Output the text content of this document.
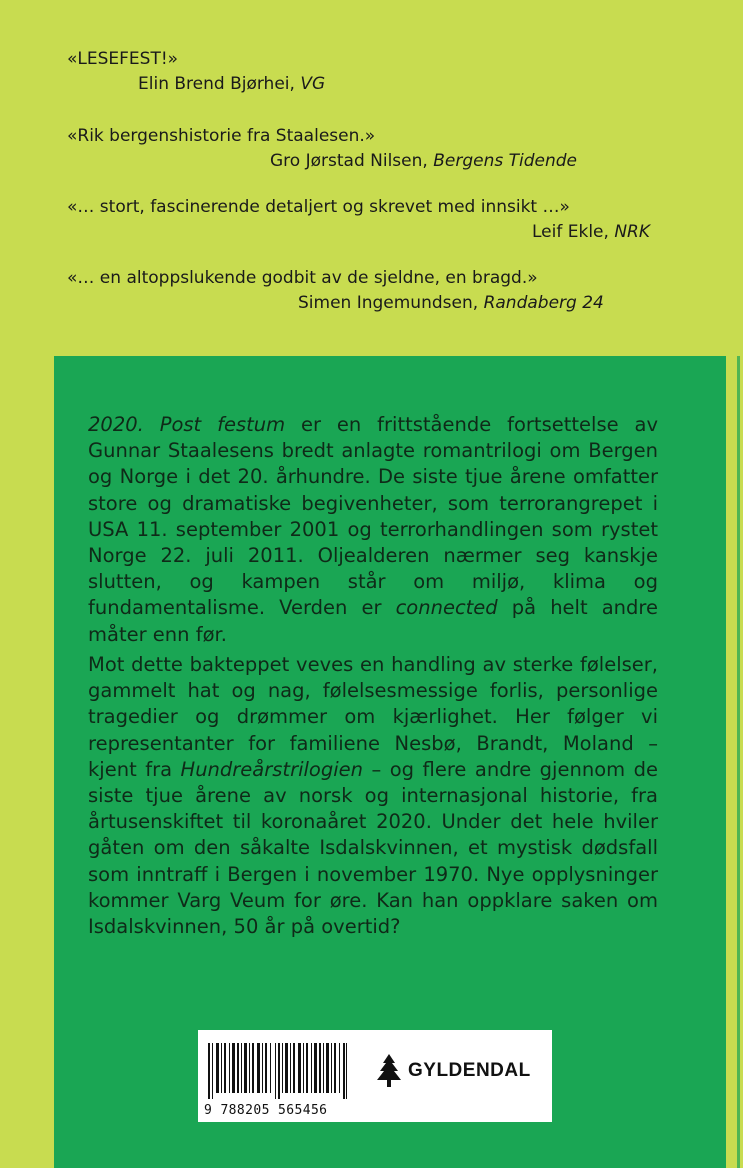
«LESEFEST!»
Elin Brend Bjørhei, VG
«Rik bergenshistorie fra Staalesen.»
Gro Jørstad Nilsen, Bergens Tidende
«… stort, fascinerende detaljert og skrevet med innsikt …»
Leif Ekle, NRK
«… en altoppslukende godbit av de sjeldne, en bragd.»
Simen Ingemundsen, Randaberg 24

2020. Post festum er en frittstående fortsettelse av Gunnar Staalesens bredt anlagte romantrilogi om Bergen og Norge i det 20. århundre. De siste tjue årene omfatter store og dramatiske begivenheter, som terrorangrepet i USA 11. september 2001 og terrorhandlingen som rystet Norge 22. juli 2011. Oljealderen nærmer seg kanskje slutten, og kampen står om miljø, klima og fundamentalisme. Verden er connected på helt andre måter enn før.

Mot dette bakteppet veves en handling av sterke følelser, gammelt hat og nag, følelsesmessige forlis, personlige tragedier og drømmer om kjærlighet. Her følger vi representanter for familiene Nesbø, Brandt, Moland – kjent fra Hundreårstrilogien – og flere andre gjennom de siste tjue årene av norsk og internasjonal historie, fra årtusenskiftet til koronaåret 2020. Under det hele hviler gåten om den såkalte Isdalskvinnen, et mystisk dødsfall som inntraff i Bergen i november 1970. Nye opplysninger kommer Varg Veum for øre. Kan han oppklare saken om Isdalskvinnen, 50 år på overtid?

9 788205 565456
GYLDENDAL
